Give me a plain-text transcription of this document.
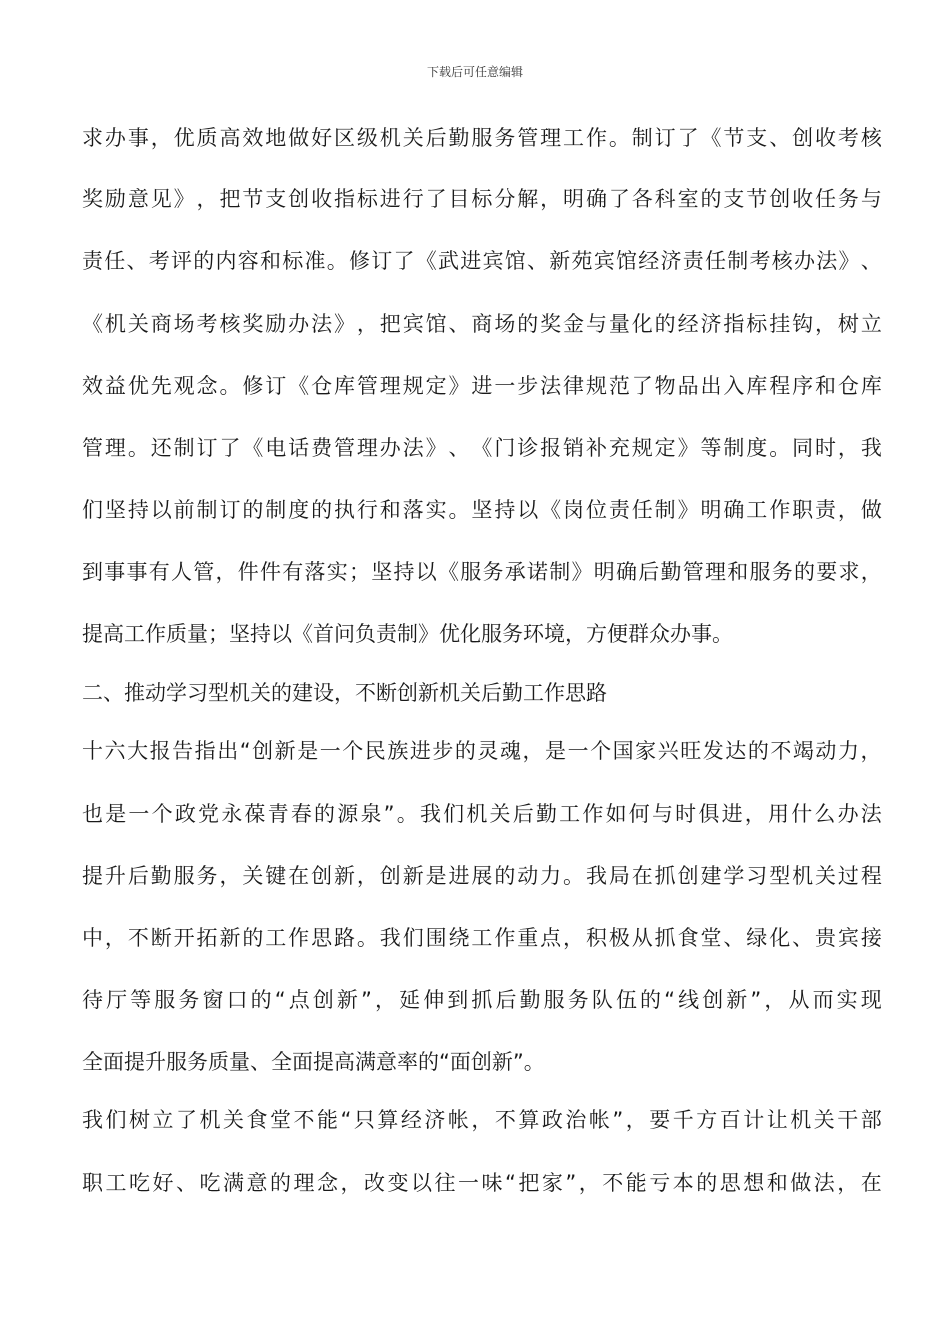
下载后可任意编辑
求 办 事 ， 优 质 高 效 地 做 好 区 级 机 关 后 勤 服 务 管 理 工 作 。 制 订 了 《 节 支 、 创 收 考 核
奖 励 意 见 》 ， 把 节 支 创 收 指 标 进 行 了 目 标 分 解 ， 明 确 了 各 科 室 的 支 节 创 收 任 务 与
责 任 、 考 评 的 内 容 和 标 准 。 修 订 了 《 武 进 宾 馆 、 新 苑 宾 馆 经 济 责 任 制 考 核 办 法 》 、
《 机 关 商 场 考 核 奖 励 办 法 》 ， 把 宾 馆 、 商 场 的 奖 金 与 量 化 的 经 济 指 标 挂 钩 ， 树 立
效 益 优 先 观 念 。 修 订 《 仓 库 管 理 规 定 》 进 一 步 法 律 规 范 了 物 品 出 入 库 程 序 和 仓 库
管 理 。 还 制 订 了 《 电 话 费 管 理 办 法 》 、 《 门 诊 报 销 补 充 规 定 》 等 制 度 。 同 时 ， 我
们 坚 持 以 前 制 订 的 制 度 的 执 行 和 落 实 。 坚 持 以 《 岗 位 责 任 制 》 明 确 工 作 职 责 ， 做
到 事 事 有 人 管 ， 件 件 有 落 实 ； 坚 持 以 《 服 务 承 诺 制 》 明 确 后 勤 管 理 和 服 务 的 要 求 ，
提 高 工 作 质 量 ； 坚 持 以 《 首 问 负 责 制 》 优 化 服 务 环 境 ， 方 便 群 众 办 事 。
二 、 推 动 学 习 型 机 关 的 建 设 ， 不 断 创 新 机 关 后 勤 工 作 思 路
十 六 大 报 告 指 出 “ 创 新 是 一 个 民 族 进 步 的 灵 魂 ， 是 一 个 国 家 兴 旺 发 达 的 不 竭 动 力 ，
也 是 一 个 政 党 永 葆 青 春 的 源 泉 ” 。 我 们 机 关 后 勤 工 作 如 何 与 时 俱 进 ， 用 什 么 办 法
提 升 后 勤 服 务 ， 关 键 在 创 新 ， 创 新 是 进 展 的 动 力 。 我 局 在 抓 创 建 学 习 型 机 关 过 程
中 ， 不 断 开 拓 新 的 工 作 思 路 。 我 们 围 绕 工 作 重 点 ， 积 极 从 抓 食 堂 、 绿 化 、 贵 宾 接
待 厅 等 服 务 窗 口 的 “ 点 创 新 ” ， 延 伸 到 抓 后 勤 服 务 队 伍 的 “ 线 创 新 ” ， 从 而 实 现
全 面 提 升 服 务 质 量 、 全 面 提 高 满 意 率 的 “ 面 创 新 ” 。
我 们 树 立 了 机 关 食 堂 不 能 “ 只 算 经 济 帐 ， 不 算 政 治 帐 ” ， 要 千 方 百 计 让 机 关 干 部
职 工 吃 好 、 吃 满 意 的 理 念 ， 改 变 以 往 一 味 “ 把 家 ” ， 不 能 亏 本 的 思 想 和 做 法 ， 在
